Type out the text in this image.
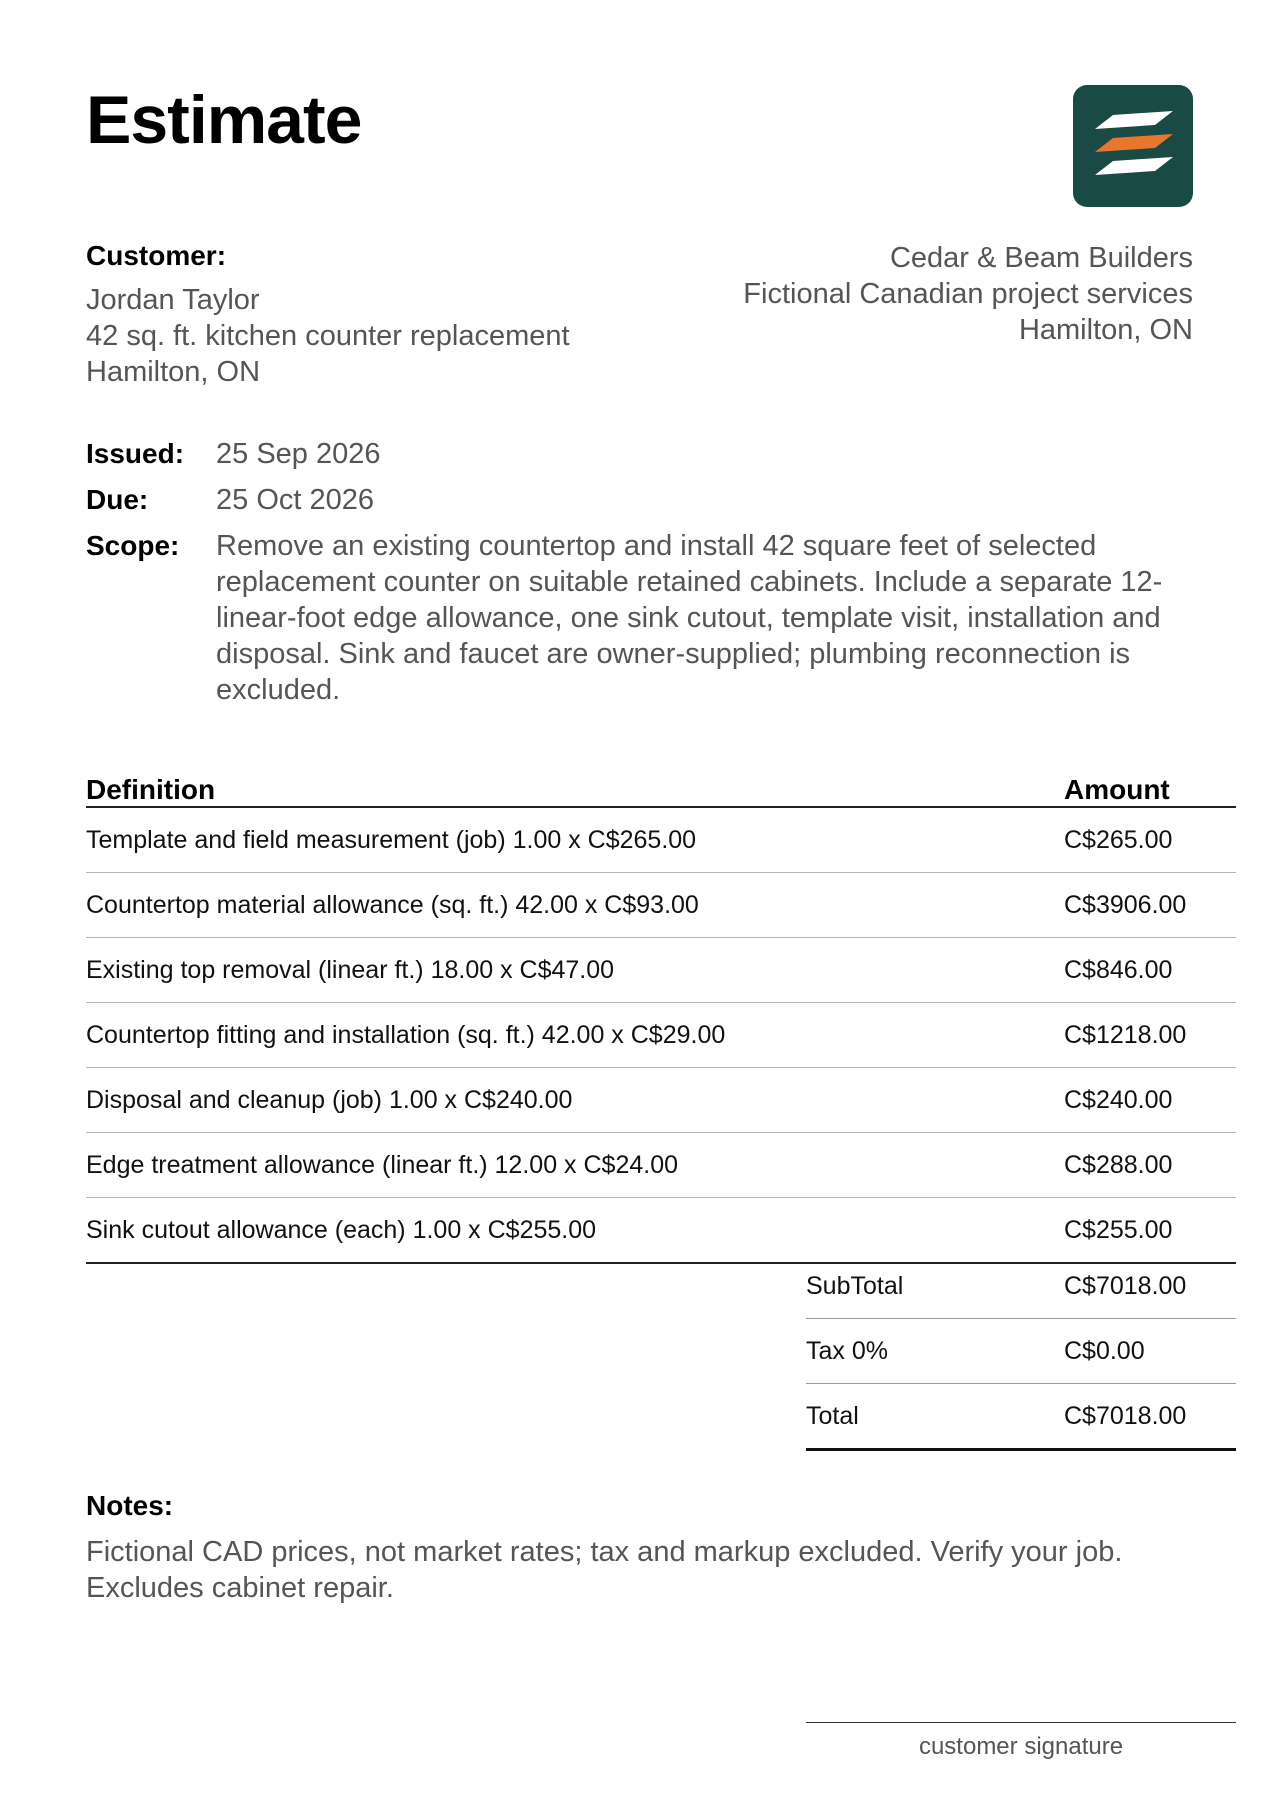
Estimate
Customer:
Jordan Taylor
42 sq. ft. kitchen counter replacement
Hamilton, ON
Cedar & Beam Builders
Fictional Canadian project services
Hamilton, ON
Issued:	25 Sep 2026
Due:	25 Oct 2026
Scope:	Remove an existing countertop and install 42 square feet of selected replacement counter on suitable retained cabinets. Include a separate 12-linear-foot edge allowance, one sink cutout, template visit, installation and disposal. Sink and faucet are owner-supplied; plumbing reconnection is excluded.
Definition	Amount
Template and field measurement (job) 1.00 x C$265.00	C$265.00
Countertop material allowance (sq. ft.) 42.00 x C$93.00	C$3906.00
Existing top removal (linear ft.) 18.00 x C$47.00	C$846.00
Countertop fitting and installation (sq. ft.) 42.00 x C$29.00	C$1218.00
Disposal and cleanup (job) 1.00 x C$240.00	C$240.00
Edge treatment allowance (linear ft.) 12.00 x C$24.00	C$288.00
Sink cutout allowance (each) 1.00 x C$255.00	C$255.00
SubTotal	C$7018.00
Tax 0%	C$0.00
Total	C$7018.00
Notes:
Fictional CAD prices, not market rates; tax and markup excluded. Verify your job. Excludes cabinet repair.
customer signature
